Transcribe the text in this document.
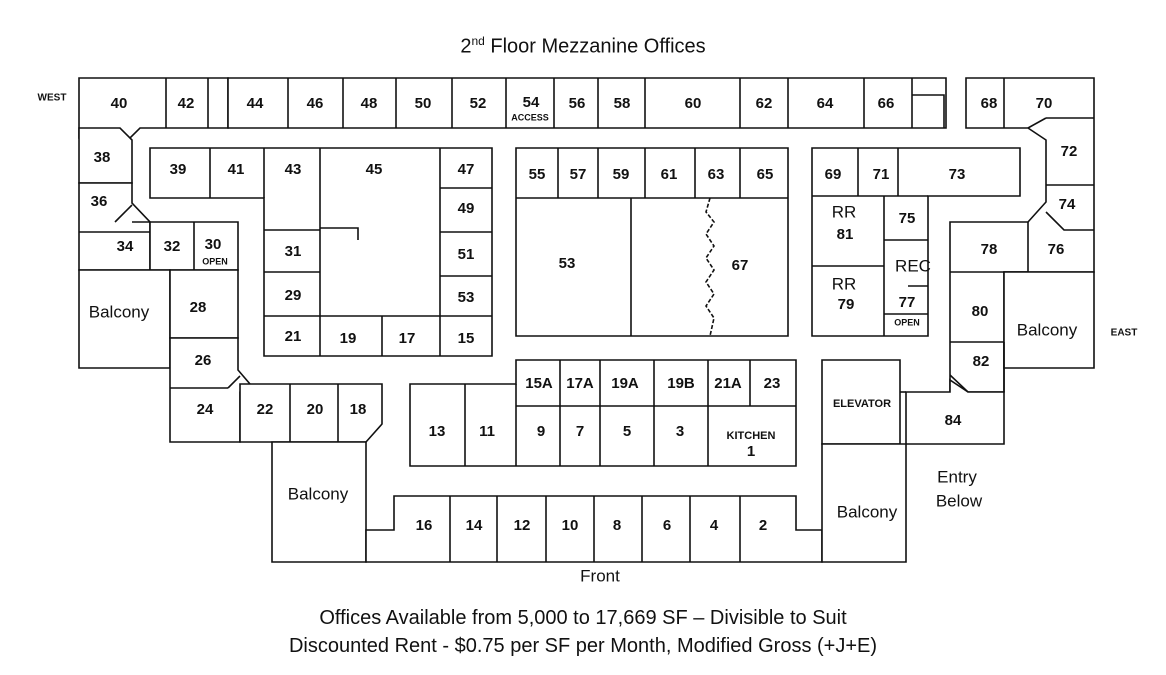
2nd Floor Mezzanine Offices
WEST
EAST
40	42	44	46 48 50	52 54
ACCESS
56 58	60	62	64	66	68	70
72
74
76
78
80
82
84
38
36
34 32 30
OPEN
28
26
24	22 20 18
39	41	43	45	47
49
51
53
15
17
19
21
29
31
55 57 59 61 63 65
53	67
69 71	73
RR
81
75
REC
RR
79	77
OPEN
15A 17A 19A 19B 21A 23
13 11	9 7	5	3	KITCHEN
1
16 14 12 10 8	6	4	2
ELEVATOR
Balcony
Balcony
Balcony
Balcony
Entry
Below
Front
Offices Available from 5,000 to 17,669 SF – Divisible to Suit
Discounted Rent - $0.75 per SF per Month, Modified Gross (+J+E)
